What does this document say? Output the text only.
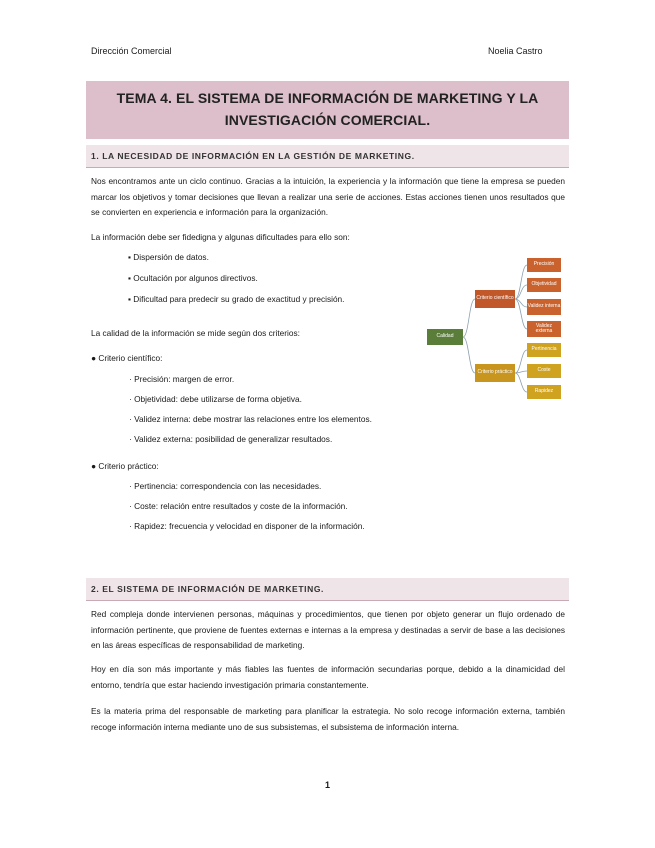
Dirección Comercial	Noelia Castro
TEMA 4. EL SISTEMA DE INFORMACIÓN DE MARKETING Y LA
INVESTIGACIÓN COMERCIAL.
1. LA NECESIDAD DE INFORMACIÓN EN LA GESTIÓN DE MARKETING.
Nos encontramos ante un ciclo continuo. Gracias a la intuición, la experiencia y la información que tiene la empresa se pueden marcar los objetivos y tomar decisiones que llevan a realizar una serie de acciones. Estas acciones tienen unos resultados que se convierten en experiencia e información para la organización.
La información debe ser fidedigna y algunas dificultades para ello son:
▪ Dispersión de datos.
▪ Ocultación por algunos directivos.
▪ Dificultad para predecir su grado de exactitud y precisión.
La calidad de la información se mide según dos criterios:
● Criterio científico:
· Precisión: margen de error.
· Objetividad: debe utilizarse de forma objetiva.
· Validez interna: debe mostrar las relaciones entre los elementos.
· Validez externa: posibilidad de generalizar resultados.
● Criterio práctico:
· Pertinencia: correspondencia con las necesidades.
· Coste: relación entre resultados y coste de la información.
· Rapidez: frecuencia y velocidad en disponer de la información.
Calidad
Criterio científico
Criterio práctico
Precisión
Objetividad
Validez interna
Validez externa
Pertinencia
Coste
Rapidez
2. EL SISTEMA DE INFORMACIÓN DE MARKETING.
Red compleja donde intervienen personas, máquinas y procedimientos, que tienen por objeto generar un flujo ordenado de información pertinente, que proviene de fuentes externas e internas a la empresa y destinadas a servir de base a las decisiones en las áreas específicas de responsabilidad de marketing.
Hoy en día son más importante y más fiables las fuentes de información secundarias porque, debido a la dinamicidad del entorno, tendría que estar haciendo investigación primaria constantemente.
Es la materia prima del responsable de marketing para planificar la estrategia. No solo recoge información externa, también recoge información interna mediante uno de sus subsistemas, el subsistema de información interna.
1
